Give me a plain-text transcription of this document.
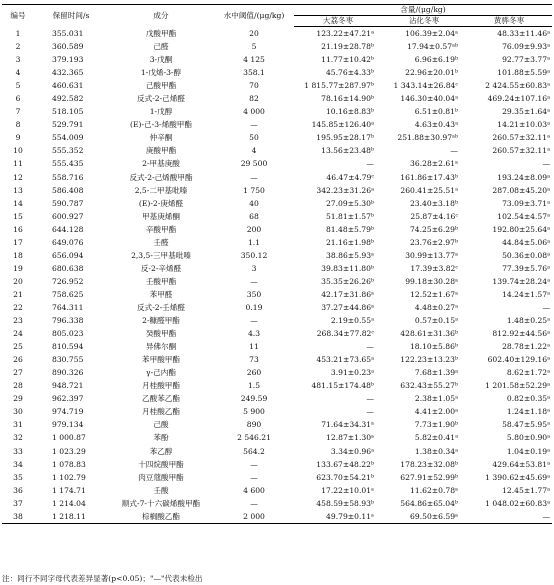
编号	保留时间/s	成分	水中阈值/(μg/kg)	含量/(μg/kg)		
				大荔冬枣	沾化冬枣	黄骅冬枣
1	355.031	戊酸甲酯	20	123.22±47.21ᵃ	106.39±2.04ᵃ	48.33±11.46ᵃ
2	360.589	己醛	5	21.19±28.78ᵇ	17.94±0.57ᵃᵇ	76.09±9.93ᵃ
3	379.193	3-戊酮	4 125	11.77±10.42ᵇ	6.96±6.19ᵇ	92.77±3.77ᵃ
4	432.365	1-戊烯-3-醇	358.1	45.76±4.33ᵇ	22.96±20.01ᵇ	101.88±5.59ᵃ
5	460.631	己酸甲酯	70	1 815.77±287.97ᵇ	1 343.14±26.84ᶜ	2 424.55±60.83ᵃ
6	492.582	反式-2-己烯醛	82	78.16±14.90ᵇ	146.30±40.04ᵃ	469.24±107.16ᵃ
7	518.105	1-戊醇	4 000	10.16±8.83ᵇ	6.51±0.81ᵇ	29.35±1.64ᵃ
8	529.791	(E)-己-3-烯酸甲酯	—	145.85±126.40ᵃ	4.63±0.43ᵃ	14.21±10.03ᵃ
9	554.009	仲辛酮	50	195.95±28.17ᵇ	251.88±30.97ᵃᵇ	260.57±32.11ᵃ
10	555.352	庚酸甲酯	4	13.56±23.48ᵇ	—	260.57±32.11ᵃ
11	555.435	2-甲基庚酸	29 500	—	36.28±2.61ᵃ	—
12	558.716	反式-2-己烯酸甲酯	—	46.47±4.79ᶜ	161.86±17.43ᵇ	193.24±8.09ᵃ
13	586.408	2,5-二甲基吡嗪	1 750	342.23±31.26ᵃ	260.41±25.51ᵃ	287.08±45.20ᵃ
14	590.787	(E)-2-庚烯醛	40	27.09±5.30ᵇ	23.40±3.18ᵇ	73.09±3.71ᵃ
15	600.927	甲基庚烯酮	68	51.81±1.57ᵇ	25.87±4.16ᶜ	102.54±4.57ᵃ
16	644.128	辛酸甲酯	200	81.48±5.79ᵇ	74.25±6.29ᵇ	192.80±25.64ᵃ
17	649.076	壬醛	1.1	21.16±1.98ᵇ	23.76±2.97ᵇ	44.84±5.06ᵃ
18	656.094	2,3,5-三甲基吡嗪	350.12	38.86±5.93ᵃ	30.99±13.77ᵃ	50.36±0.08ᵃ
19	680.638	反-2-辛烯醛	3	39.83±11.80ᵇ	17.39±3.82ᶜ	77.39±5.76ᵃ
20	726.952	壬酸甲酯	—	35.35±26.26ᵇ	99.18±30.28ᵃ	139.74±28.24ᵃ
21	758.625	苯甲醛	350	42.17±31.86ᵃ	12.52±1.67ᵃ	14.24±1.57ᵃ
22	764.311	反式-2-壬烯醛	0.19	37.27±44.86ᵃ	4.48±0.27ᵃ	—
23	796.338	2-糠醛甲酯	—	2.19±0.55ᵃ	0.57±0.15ᵃ	1.48±0.25ᵃ
24	805.023	癸酸甲酯	4.3	268.34±77.82ᶜ	428.61±31.36ᵇ	812.92±44.56ᵃ
25	810.594	异佛尔酮	11	—	18.10±5.86ᵇ	28.78±1.22ᵃ
26	830.755	苯甲酸甲酯	73	453.21±73.65ᵃ	122.23±13.23ᵇ	602.40±129.16ᵃ
27	890.326	γ-己内酯	260	3.91±0.23ᵃ	7.68±1.39ᵃ	8.62±1.72ᵃ
28	948.721	月桂酸甲酯	1.5	481.15±174.48ᵇ	632.43±55.27ᵇ	1 201.58±52.29ᵃ
29	962.397	乙酸苯乙酯	249.59	—	2.38±1.05ᵃ	0.82±0.35ᵃ
30	974.719	月桂酸乙酯	5 900	—	4.41±2.00ᵃ	1.24±1.18ᵃ
31	979.134	己酸	890	71.64±34.31ᵃ	7.73±1.90ᵇ	58.47±5.95ᵃ
32	1 000.87	苯酚	2 546.21	12.87±1.30ᵃ	5.82±0.41ᵃ	5.80±0.90ᵃ
33	1 023.29	苯乙醇	564.2	3.34±0.96ᵃ	1.38±0.34ᵃ	1.04±0.19ᵃ
34	1 078.83	十四烷酸甲酯	—	133.67±48.22ᵇ	178.23±32.08ᵇ	429.64±53.81ᵃ
35	1 102.79	肉豆蔻酸甲酯	—	623.70±54.21ᵇ	627.91±52.99ᵇ	1 390.62±45.69ᵃ
36	1 174.71	壬酸	4 600	17.22±10.01ᵃ	11.62±0.78ᵃ	12.45±1.77ᵃ
37	1 214.04	顺式-7-十六碳烯酸甲酯	—	458.59±58.93ᵇ	564.86±65.04ᵇ	1 048.02±60.83ᵃ
38	1 218.11	棕榈酸乙酯	2 000	49.79±0.11ᵃ	69.50±6.59ᵃ	—
注：同行不同字母代表差异显著(p<0.05)；"—"代表未检出
